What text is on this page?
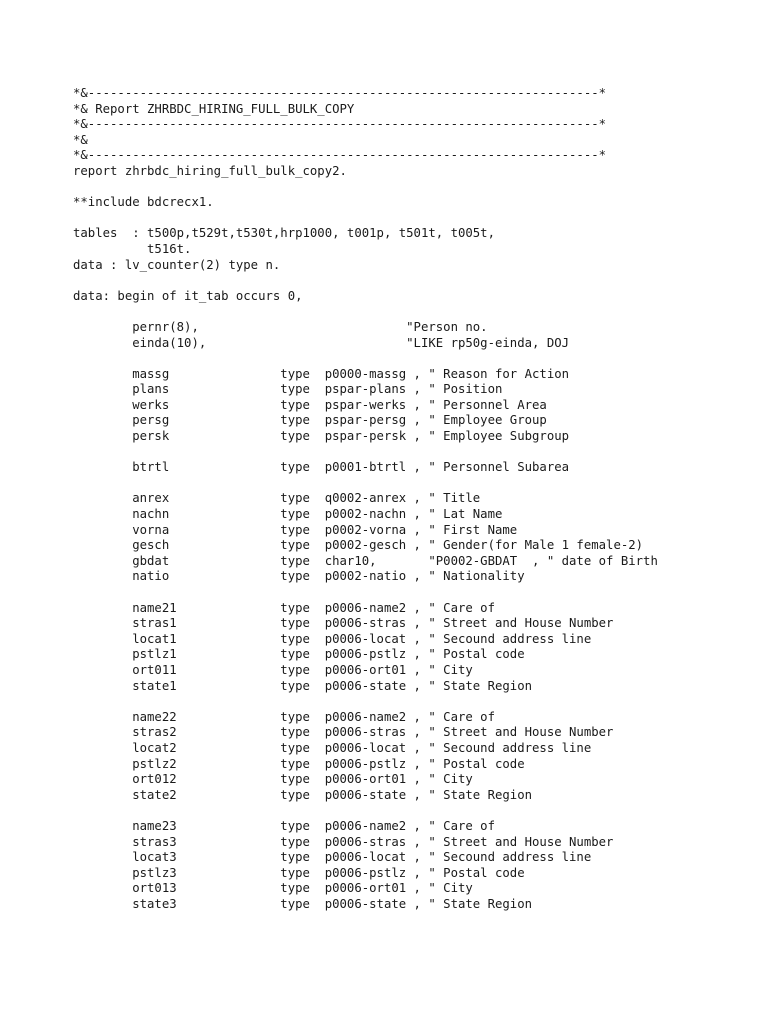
*&---------------------------------------------------------------------*
*& Report ZHRBDC_HIRING_FULL_BULK_COPY
*&---------------------------------------------------------------------*
*&
*&---------------------------------------------------------------------*
report zhrbdc_hiring_full_bulk_copy2.

**include bdcrecx1.

tables  : t500p,t529t,t530t,hrp1000, t001p, t501t, t005t,
t516t.
data : lv_counter(2) type n.

data: begin of it_tab occurs 0,

pernr(8),                            "Person no.
einda(10),                           "LIKE rp50g-einda, DOJ

massg               type  p0000-massg , " Reason for Action
plans               type  pspar-plans , " Position
werks               type  pspar-werks , " Personnel Area
persg               type  pspar-persg , " Employee Group
persk               type  pspar-persk , " Employee Subgroup

btrtl               type  p0001-btrtl , " Personnel Subarea

anrex               type  q0002-anrex , " Title
nachn               type  p0002-nachn , " Lat Name
vorna               type  p0002-vorna , " First Name
gesch               type  p0002-gesch , " Gender(for Male 1 female-2)
gbdat               type  char10,       "P0002-GBDAT  , " date of Birth
natio               type  p0002-natio , " Nationality

name21              type  p0006-name2 , " Care of
stras1              type  p0006-stras , " Street and House Number
locat1              type  p0006-locat , " Secound address line
pstlz1              type  p0006-pstlz , " Postal code
ort011              type  p0006-ort01 , " City
state1              type  p0006-state , " State Region

name22              type  p0006-name2 , " Care of
stras2              type  p0006-stras , " Street and House Number
locat2              type  p0006-locat , " Secound address line
pstlz2              type  p0006-pstlz , " Postal code
ort012              type  p0006-ort01 , " City
state2              type  p0006-state , " State Region

name23              type  p0006-name2 , " Care of
stras3              type  p0006-stras , " Street and House Number
locat3              type  p0006-locat , " Secound address line
pstlz3              type  p0006-pstlz , " Postal code
ort013              type  p0006-ort01 , " City
state3              type  p0006-state , " State Region
